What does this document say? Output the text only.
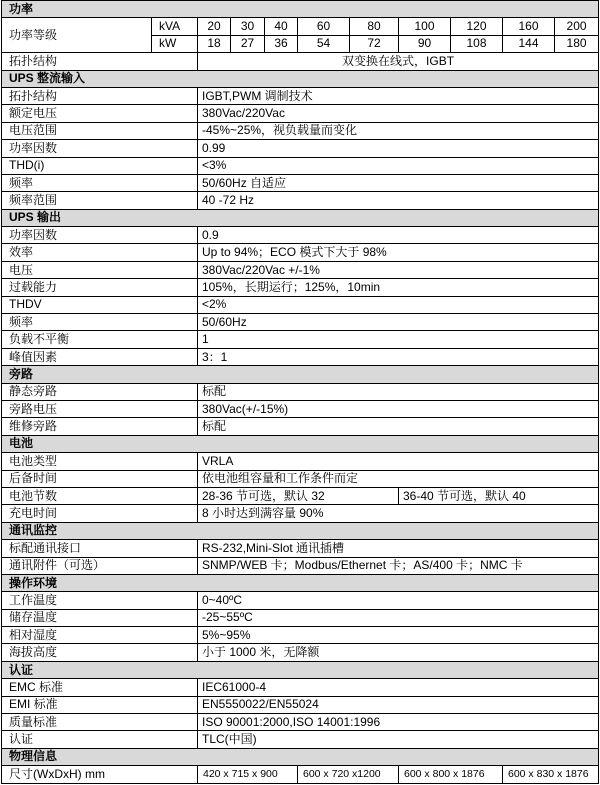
功率										
功率等级	kVA	20	30	40	60	80	100	120	160	200
	kW	18	27	36	54	72	90	108	144	180
拓扑结构		双变换在线式，IGBT								
UPS 整流输入										
拓扑结构		IGBT,PWM 调制技术								
额定电压		380Vac/220Vac								
电压范围		-45%~25%，视负载量而变化								
功率因数		0.99								
THD(i)		<3%								
频率		50/60Hz 自适应								
频率范围		40 -72 Hz								
UPS 输出										
功率因数		0.9								
效率		Up to 94%；ECO 模式下大于 98%								
电压		380Vac/220Vac +/-1%								
过载能力		105%，长期运行；125%，10min								
THDV		<2%								
频率		50/60Hz								
负载不平衡		1								
峰值因素		3：1								
旁路										
静态旁路		标配								
旁路电压		380Vac(+/-15%)								
维修旁路		标配								
电池										
电池类型		VRLA								
后备时间		依电池组容量和工作条件而定								
电池节数		28-36 节可选，默认 32					36-40 节可选，默认 40			
充电时间		8 小时达到满容量 90%								
通讯监控										
标配通讯接口		RS-232,Mini-Slot 通讯插槽								
通讯附件（可选）		SNMP/WEB 卡；Modbus/Ethernet 卡；AS/400 卡；NMC 卡								
操作环境										
工作温度		0~40ºC								
储存温度		-25~55ºC								
相对湿度		5%~95%								
海拔高度		小于 1000 米，无降额								
认证										
EMC 标准		IEC61000-4								
EMI 标准		EN5550022/EN55024								
质量标准		ISO 90001:2000,ISO 14001:1996								
认证		TLC(中国)								
物理信息										
尺寸(WxDxH) mm		420 x 715 x 900			600 x 720 x1200		600 x 800 x 1876		600 x 830 x 1876	
